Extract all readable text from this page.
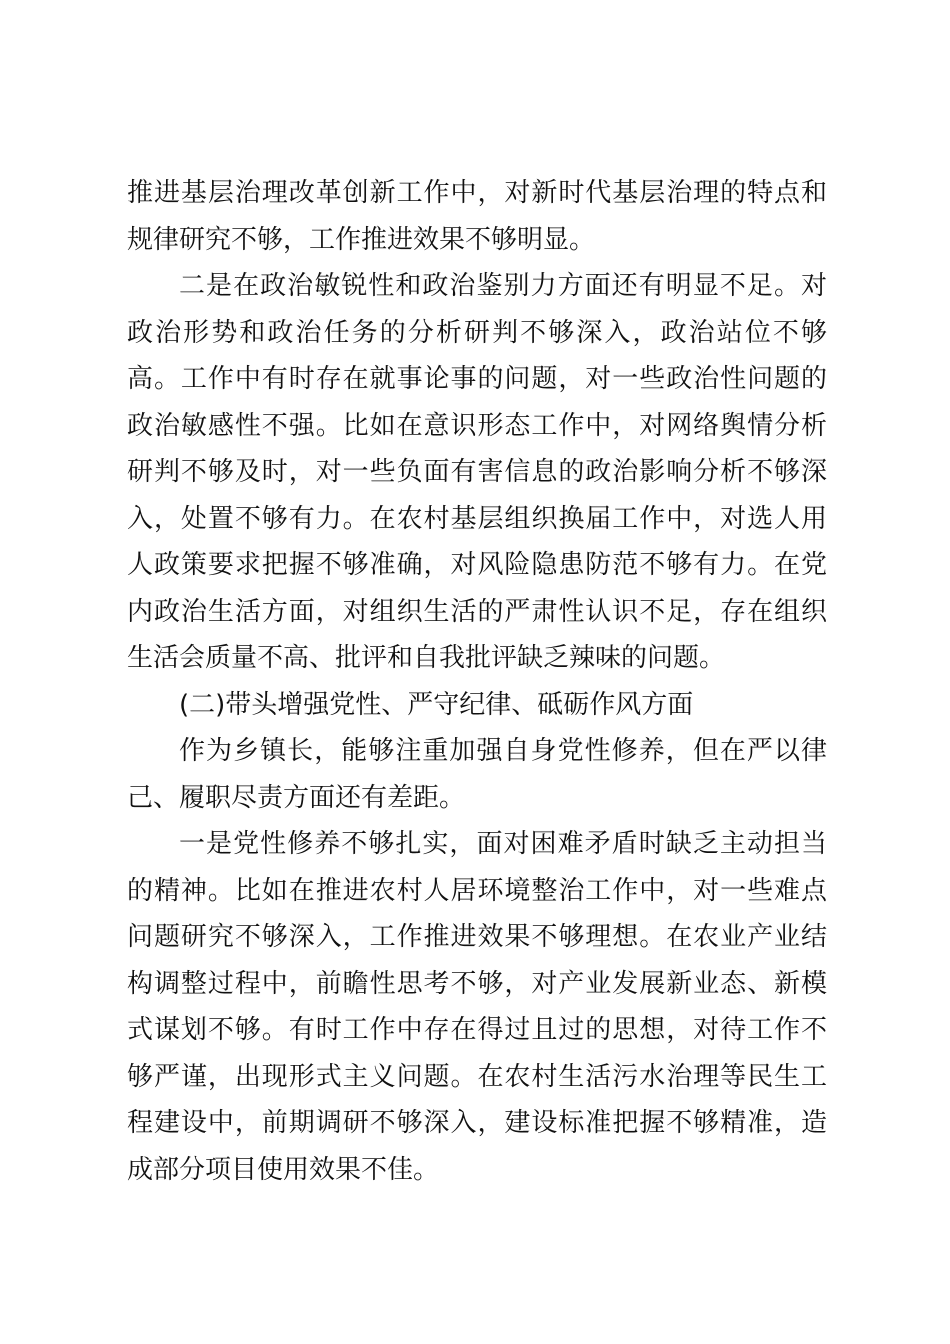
推进基层治理改革创新工作中，对新时代基层治理的特点和规律研究不够，工作推进效果不够明显。

二是在政治敏锐性和政治鉴别力方面还有明显不足。对政治形势和政治任务的分析研判不够深入，政治站位不够高。工作中有时存在就事论事的问题，对一些政治性问题的政治敏感性不强。比如在意识形态工作中，对网络舆情分析研判不够及时，对一些负面有害信息的政治影响分析不够深入，处置不够有力。在农村基层组织换届工作中，对选人用人政策要求把握不够准确，对风险隐患防范不够有力。在党内政治生活方面，对组织生活的严肃性认识不足，存在组织生活会质量不高、批评和自我批评缺乏辣味的问题。

(二)带头增强党性、严守纪律、砥砺作风方面

作为乡镇长，能够注重加强自身党性修养，但在严以律己、履职尽责方面还有差距。

一是党性修养不够扎实，面对困难矛盾时缺乏主动担当的精神。比如在推进农村人居环境整治工作中，对一些难点问题研究不够深入，工作推进效果不够理想。在农业产业结构调整过程中，前瞻性思考不够，对产业发展新业态、新模式谋划不够。有时工作中存在得过且过的思想，对待工作不够严谨，出现形式主义问题。在农村生活污水治理等民生工程建设中，前期调研不够深入，建设标准把握不够精准，造成部分项目使用效果不佳。
